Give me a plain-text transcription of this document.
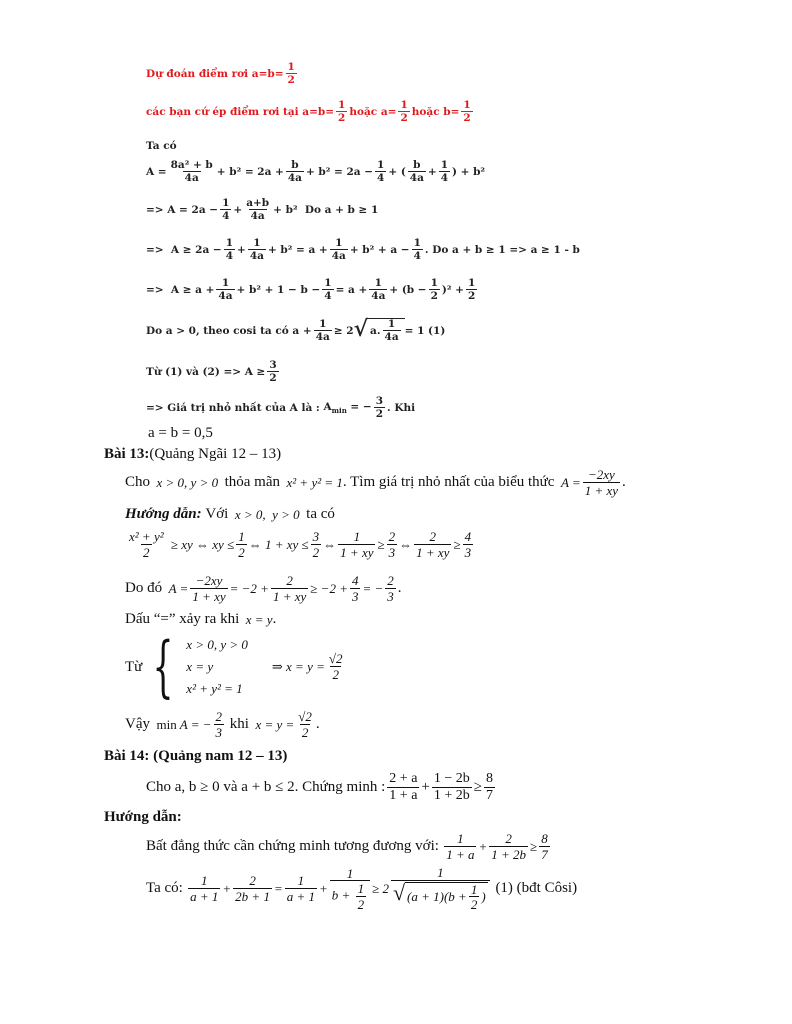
Dự đoán điểm rơi $a=b= \frac{1}{2}$
các bạn cứ ép điểm rơi tại $a=b= \frac{1}{2}$ hoặc $a= \frac{1}{2}$ hoặc $b= \frac{1}{2}$
Ta có
$A = \frac{\text{8a² + b}}{4a} + b^2 = 2a + \frac{b}{4a} + b^2 = 2a - \frac{1}{4}$ + (
b
$4a + \frac{1}{4}$ ) + b²
=> $A = 2a - \frac{1}{4} + \frac{a+b}{4a} + b^2$ Do a + b ≥ 1
=>  $A \ge 2a - \frac{1}{4} + \frac{1}{4a} + b^2 = a + \frac{1}{4a} + b^2 + a - \frac{1}{4}$ . Do a + b ≥ 1 => a ≥ 1 - b
=>  $A \ge a + \frac{1}{4a} + b^2 + 1 - b - \frac{1}{4} = a + \frac{1}{4a} + (b - \frac{1}{2} )^2 + \frac{1}{2}$
Do a > 0, theo cosi ta có $a + \frac{1}{4a} \ge 2$ √ a.
1
4a
= 1 (1)
Từ (1) và $(2) => A \ge \frac{3}{2}$
=> Giá trị nhỏ nhất của A là : $A_{min}$ = − $\frac{3}{2}$ . Khi
a = b = 0,5
Bài 13: (Quảng Ngãi 12 – 13)
Cho x > 0, y > 0 thỏa mãn x² + y² = 1 . Tìm giá trị nhỏ nhất của biểu thức $A = \frac{-2xy}{1 + xy}$ .
Hướng dẫn:
Với x > 0,  y > 0 ta có
$\frac{\text{x² + y²}}{2}$ ≥ xy ⇔ xy ≤ $\frac{1}{2}$ ⇔ 1 + xy ≤ $\frac{3}{2}$ ⇔ $\frac{1}{1 + xy} \ge \frac{2}{3}$ ⇔ $\frac{2}{1 + xy} \ge \frac{4}{3}$
Do đó $A = \frac{-2xy}{1 + xy} = -2 + \frac{2}{1 + xy} \ge -2 + \frac{4}{3}$ = − $\frac{2}{3}$ .
Dấu “=” xảy ra khi x = y .
Từ { x > 0, y > 0
x = y
x² + y² = 1
⇒ $x = y = \frac{√2}{2}$
Vậy min A = − $\frac{2}{3}$
khi $x = y = \frac{√2}{2}$ .
Bài 14: (Quảng nam 12 – 13)
Cho a, b ≥ 0 và a + b ≤ 2. Chứng minh :
2 + a
$1 + a + \frac{1 - 2b}{1 + 2b} \ge \frac{8}{7}$
Hướng dẫn:
Bất đẳng thức cần chứng minh tương đương với:
$\frac{1}{1 + a} + \frac{2}{1 + 2b} \ge \frac{8}{7}$
Ta có:
$\frac{1}{a + 1} + \frac{2}{2b + 1} = \frac{1}{a + 1} + \frac{1}{b + \frac{1}{2}} \ge 2$ 1
√ (a + 1)(b +
1
2
)
(1) (bđt Côsi)
